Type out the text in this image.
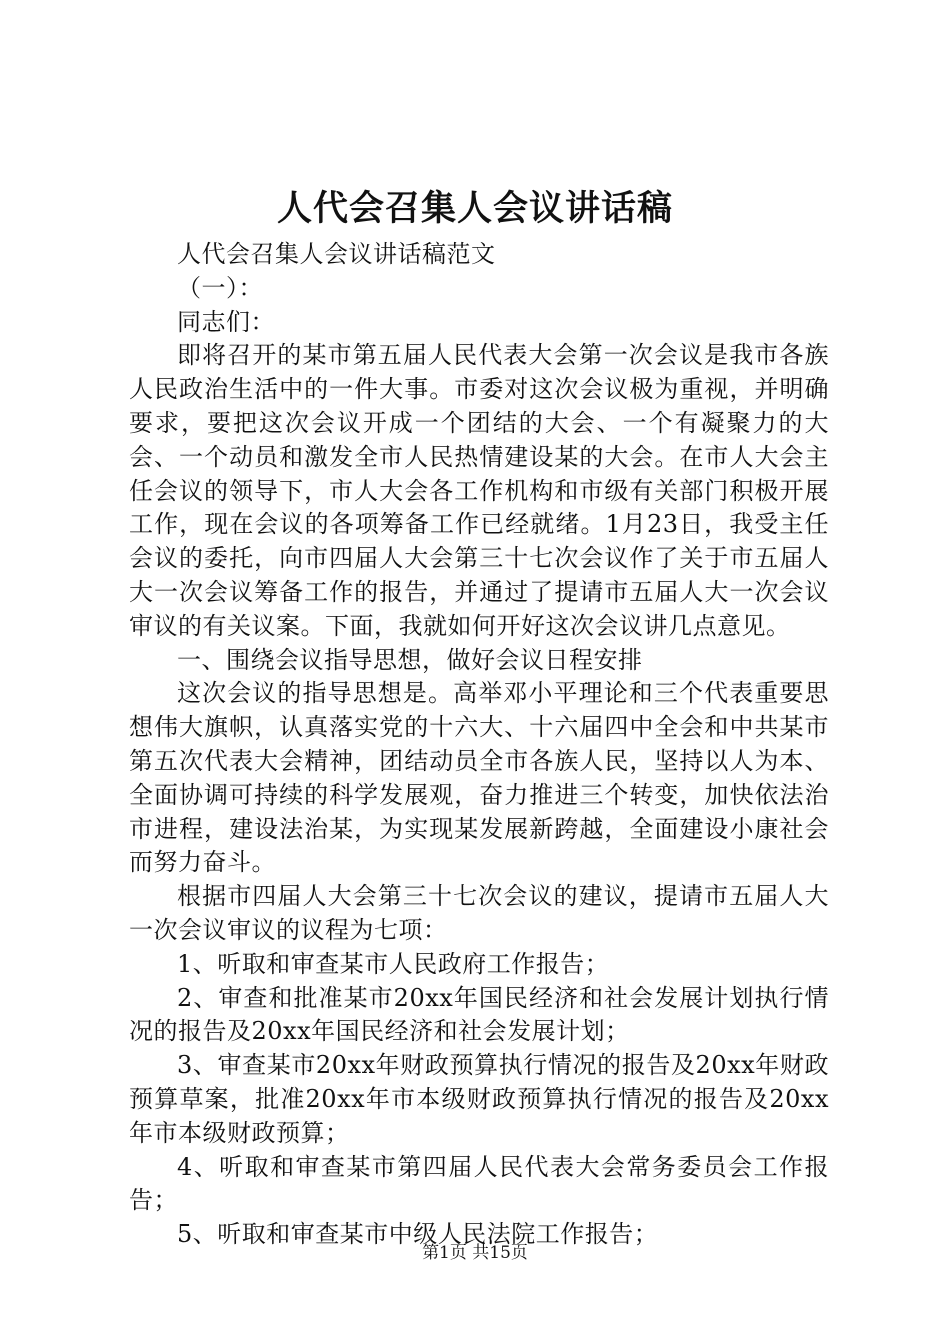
人代会召集人会议讲话稿

人代会召集人会议讲话稿范文

（一）：

同志们：

即将召开的某市第五届人民代表大会第一次会议是我市各族人民政治生活中的一件大事。市委对这次会议极为重视，并明确要求，要把这次会议开成一个团结的大会、一个有凝聚力的大会、一个动员和激发全市人民热情建设某的大会。在市人大会主任会议的领导下，市人大会各工作机构和市级有关部门积极开展工作，现在会议的各项筹备工作已经就绪。1月23日，我受主任会议的委托，向市四届人大会第三十七次会议作了关于市五届人大一次会议筹备工作的报告，并通过了提请市五届人大一次会议审议的有关议案。下面，我就如何开好这次会议讲几点意见。

一、围绕会议指导思想，做好会议日程安排

这次会议的指导思想是。高举邓小平理论和三个代表重要思想伟大旗帜，认真落实党的十六大、十六届四中全会和中共某市第五次代表大会精神，团结动员全市各族人民，坚持以人为本、全面协调可持续的科学发展观，奋力推进三个转变，加快依法治市进程，建设法治某，为实现某发展新跨越，全面建设小康社会而努力奋斗。

根据市四届人大会第三十七次会议的建议，提请市五届人大一次会议审议的议程为七项：

1、听取和审查某市人民政府工作报告；

2、审查和批准某市20xx年国民经济和社会发展计划执行情况的报告及20xx年国民经济和社会发展计划；

3、审查某市20xx年财政预算执行情况的报告及20xx年财政预算草案，批准20xx年市本级财政预算执行情况的报告及20xx年市本级财政预算；

4、听取和审查某市第四届人民代表大会常务委员会工作报告；

5、听取和审查某市中级人民法院工作报告；

第1页 共15页
